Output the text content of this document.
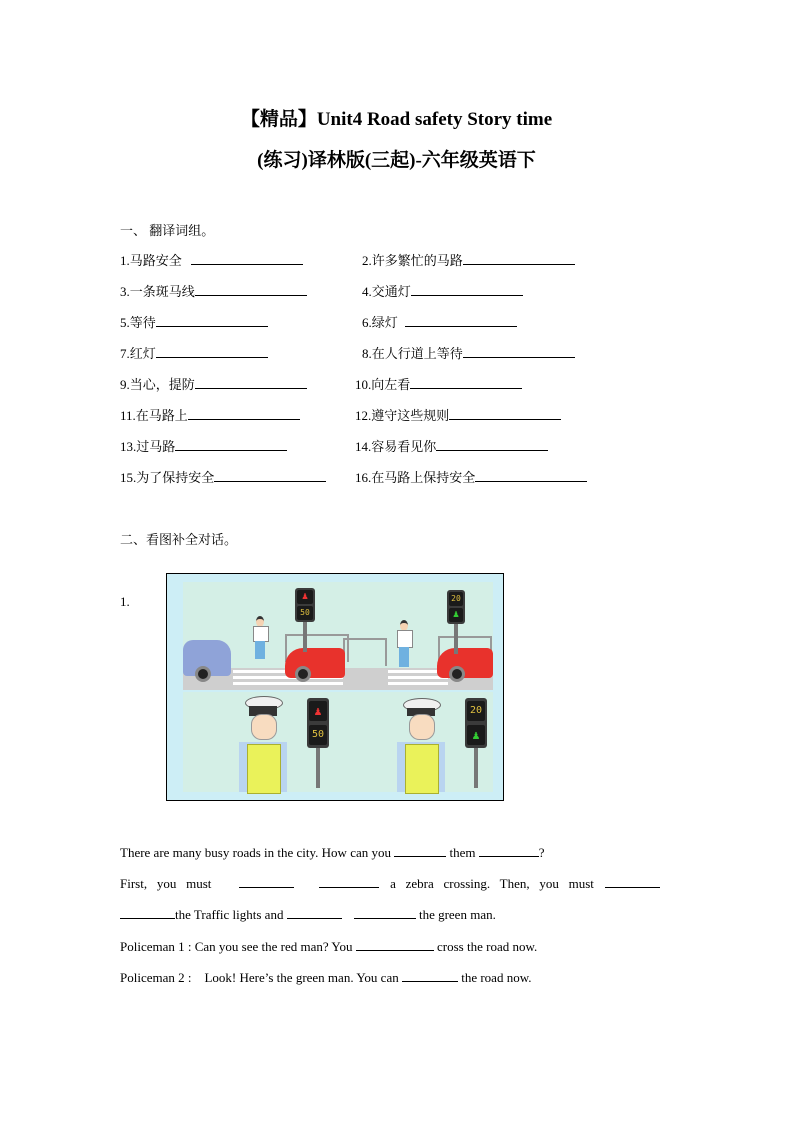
【精品】Unit4 Road safety Story time
(练习)译林版(三起)-六年级英语下
一、 翻译词组。
1.马路安全	2.许多繁忙的马路
3.一条斑马线	4.交通灯
5.等待	6.绿灯
7.红灯	8.在人行道上等待
9.当心，提防	10.向左看
11.在马路上	12.遵守这些规则
13.过马路	14.容易看见你
15.为了保持安全	16.在马路上保持安全
二、看图补全对话。
1.	♟
50
20
♟
♟
50
20
♟
There are many busy roads in the city. How can you	them	?
First,   you   must	a   zebra   crossing.   Then,   you   must
the Traffic lights and	the green man.
Policeman 1 : Can you see the red man? You	cross the road now.
Policeman 2 :    Look! Here’s the green man. You can	the road now.
